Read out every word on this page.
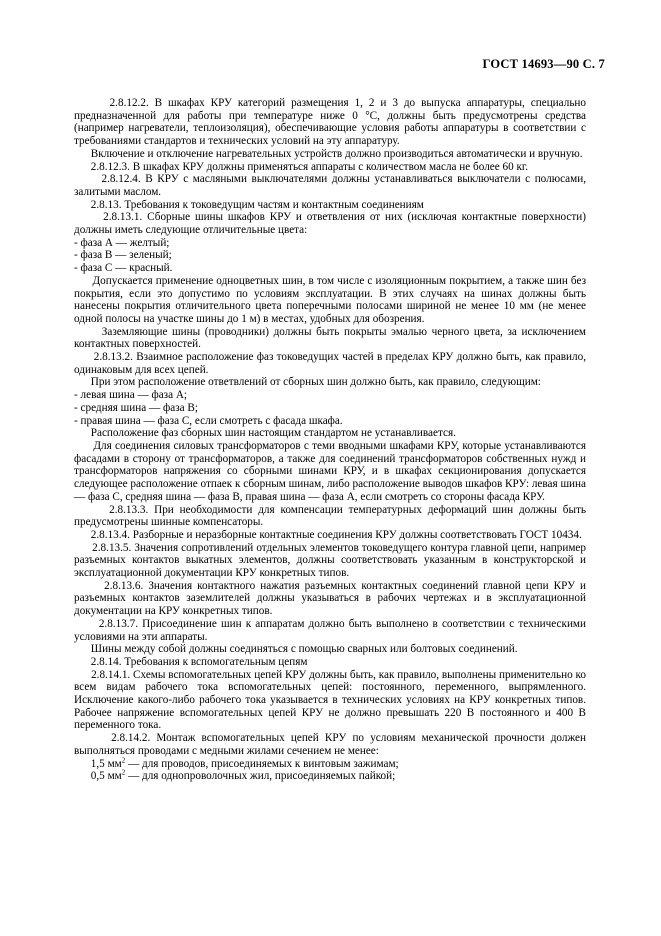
ГОСТ 14693—90 С. 7

2.8.12.2. В шкафах КРУ категорий размещения 1, 2 и 3 до выпуска аппаратуры, специально предназначенной для работы при температуре ниже 0 °С, должны быть предусмотрены средства (например нагреватели, теплоизоляция), обеспечивающие условия работы аппаратуры в соответствии с требованиями стандартов и технических условий на эту аппаратуру.

Включение и отключение нагревательных устройств должно производиться автоматически и вручную.

2.8.12.3. В шкафах КРУ должны применяться аппараты с количеством масла не более 60 кг.

2.8.12.4. В КРУ с масляными выключателями должны устанавливаться выключатели с полюсами, залитыми маслом.

2.8.13. Требования к токоведущим частям и контактным соединениям

2.8.13.1. Сборные шины шкафов КРУ и ответвления от них (исключая контактные поверхности) должны иметь следующие отличительные цвета:

- фаза А — желтый;

- фаза В — зеленый;

- фаза С — красный.

Допускается применение одноцветных шин, в том числе с изоляционным покрытием, а также шин без покрытия, если это допустимо по условиям эксплуатации. В этих случаях на шинах должны быть нанесены покрытия отличительного цвета поперечными полосами шириной не менее 10 мм (не менее одной полосы на участке шины до 1 м) в местах, удобных для обозрения.

Заземляющие шины (проводники) должны быть покрыты эмалью черного цвета, за исключением контактных поверхностей.

2.8.13.2. Взаимное расположение фаз токоведущих частей в пределах КРУ должно быть, как правило, одинаковым для всех цепей.

При этом расположение ответвлений от сборных шин должно быть, как правило, следующим:

- левая шина — фаза А;

- средняя шина — фаза В;

- правая шина — фаза С, если смотреть с фасада шкафа.

Расположение фаз сборных шин настоящим стандартом не устанавливается.

Для соединения силовых трансформаторов с теми вводными шкафами КРУ, которые устанавливаются фасадами в сторону от трансформаторов, а также для соединений трансформаторов собственных нужд и трансформаторов напряжения со сборными шинами КРУ, и в шкафах секционирования допускается следующее расположение отпаек к сборным шинам, либо расположение выводов шкафов КРУ: левая шина — фаза С, средняя шина — фаза В, правая шина — фаза А, если смотреть со стороны фасада КРУ.

2.8.13.3. При необходимости для компенсации температурных деформаций шин должны быть предусмотрены шинные компенсаторы.

2.8.13.4. Разборные и неразборные контактные соединения КРУ должны соответствовать ГОСТ 10434.

2.8.13.5. Значения сопротивлений отдельных элементов токоведущего контура главной цепи, например разъемных контактов выкатных элементов, должны соответствовать указанным в конструкторской и эксплуатационной документации КРУ конкретных типов.

2.8.13.6. Значения контактного нажатия разъемных контактных соединений главной цепи КРУ и разъемных контактов заземлителей должны указываться в рабочих чертежах и в эксплуатационной документации на КРУ конкретных типов.

2.8.13.7. Присоединение шин к аппаратам должно быть выполнено в соответствии с техническими условиями на эти аппараты.

Шины между собой должны соединяться с помощью сварных или болтовых соединений.

2.8.14. Требования к вспомогательным цепям

2.8.14.1. Схемы вспомогательных цепей КРУ должны быть, как правило, выполнены применительно ко всем видам рабочего тока вспомогательных цепей: постоянного, переменного, выпрямленного. Исключение какого-либо рабочего тока указывается в технических условиях на КРУ конкретных типов. Рабочее напряжение вспомогательных цепей КРУ не должно превышать 220 В постоянного и 400 В переменного тока.

2.8.14.2. Монтаж вспомогательных цепей КРУ по условиям механической прочности должен выполняться проводами с медными жилами сечением не менее:

1,5 $мм^2$ — для проводов, присоединяемых к винтовым зажимам;

0,5 $мм^2$ — для однопроволочных жил, присоединяемых пайкой;
